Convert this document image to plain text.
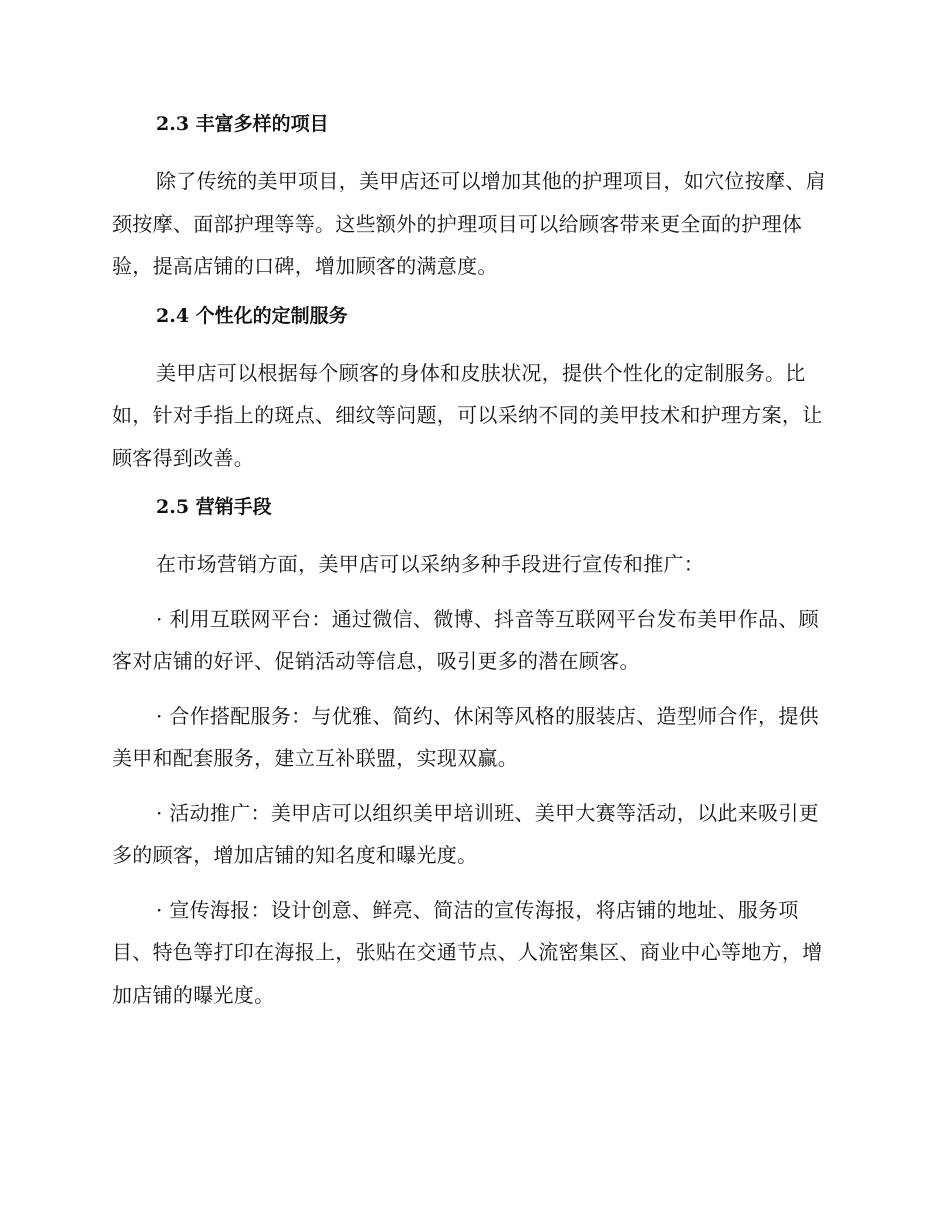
2.3 丰富多样的项目

除了传统的美甲项目，美甲店还可以增加其他的护理项目，如穴位按摩、肩颈按摩、面部护理等等。这些额外的护理项目可以给顾客带来更全面的护理体验，提高店铺的口碑，增加顾客的满意度。

2.4 个性化的定制服务

美甲店可以根据每个顾客的身体和皮肤状况，提供个性化的定制服务。比如，针对手指上的斑点、细纹等问题，可以采纳不同的美甲技术和护理方案，让顾客得到改善。

2.5 营销手段

在市场营销方面，美甲店可以采纳多种手段进行宣传和推广：

· 利用互联网平台：通过微信、微博、抖音等互联网平台发布美甲作品、顾客对店铺的好评、促销活动等信息，吸引更多的潜在顾客。

· 合作搭配服务：与优雅、简约、休闲等风格的服装店、造型师合作，提供美甲和配套服务，建立互补联盟，实现双赢。

· 活动推广：美甲店可以组织美甲培训班、美甲大赛等活动，以此来吸引更多的顾客，增加店铺的知名度和曝光度。

· 宣传海报：设计创意、鲜亮、简洁的宣传海报，将店铺的地址、服务项目、特色等打印在海报上，张贴在交通节点、人流密集区、商业中心等地方，增加店铺的曝光度。
